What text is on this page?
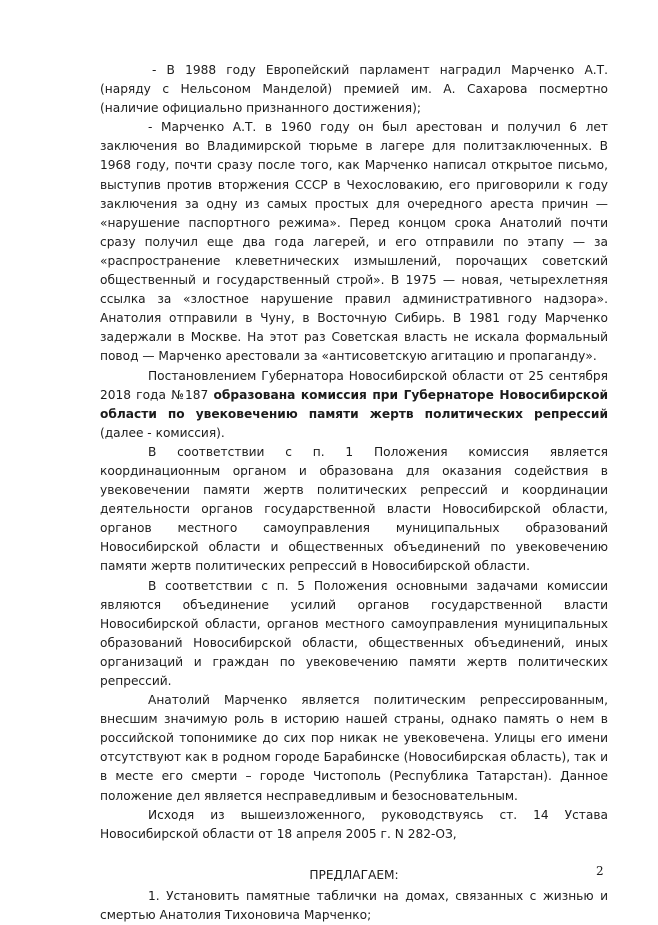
- В 1988 году Европейский парламент наградил Марченко А.Т. (наряду с Нельсоном Манделой) премией им. А. Сахарова посмертно (наличие официально признанного достижения);

- Марченко А.Т. в 1960 году он был арестован и получил 6 лет заключения во Владимирской тюрьме в лагере для политзаключенных. В 1968 году, почти сразу после того, как Марченко написал открытое письмо, выступив против вторжения СССР в Чехословакию, его приговорили к году заключения за одну из самых простых для очередного ареста причин — «нарушение паспортного режима». Перед концом срока Анатолий почти сразу получил еще два года лагерей, и его отправили по этапу — за «распространение клеветнических измышлений, порочащих советский общественный и государственный строй». В 1975 — новая, четырехлетняя ссылка за «злостное нарушение правил административного надзора». Анатолия отправили в Чуну, в Восточную Сибирь. В 1981 году Марченко задержали в Москве. На этот раз Советская власть не искала формальный повод — Марченко арестовали за «антисоветскую агитацию и пропаганду».

Постановлением Губернатора Новосибирской области от 25 сентября 2018 года №187 образована комиссия при Губернаторе Новосибирской области по увековечению памяти жертв политических репрессий (далее - комиссия).

В соответствии с п. 1 Положения комиссия является координационным органом и образована для оказания содействия в увековечении памяти жертв политических репрессий и координации деятельности органов государственной власти Новосибирской области, органов местного самоуправления муниципальных образований Новосибирской области и общественных объединений по увековечению памяти жертв политических репрессий в Новосибирской области.

В соответствии с п. 5 Положения основными задачами комиссии являются объединение усилий органов государственной власти Новосибирской области, органов местного самоуправления муниципальных образований Новосибирской области, общественных объединений, иных организаций и граждан по увековечению памяти жертв политических репрессий.

Анатолий Марченко является политическим репрессированным, внесшим значимую роль в историю нашей страны, однако память о нем в российской топонимике до сих пор никак не увековечена. Улицы его имени отсутствуют как в родном городе Барабинске (Новосибирская область), так и в месте его смерти – городе Чистополь (Республика Татарстан). Данное положение дел является несправедливым и безосновательным.

Исходя из вышеизложенного, руководствуясь ст. 14 Устава Новосибирской области от 18 апреля 2005 г. N 282-ОЗ,

ПРЕДЛАГАЕМ:

1. Установить памятные таблички на домах, связанных с жизнью и смертью Анатолия Тихоновича Марченко;

2
